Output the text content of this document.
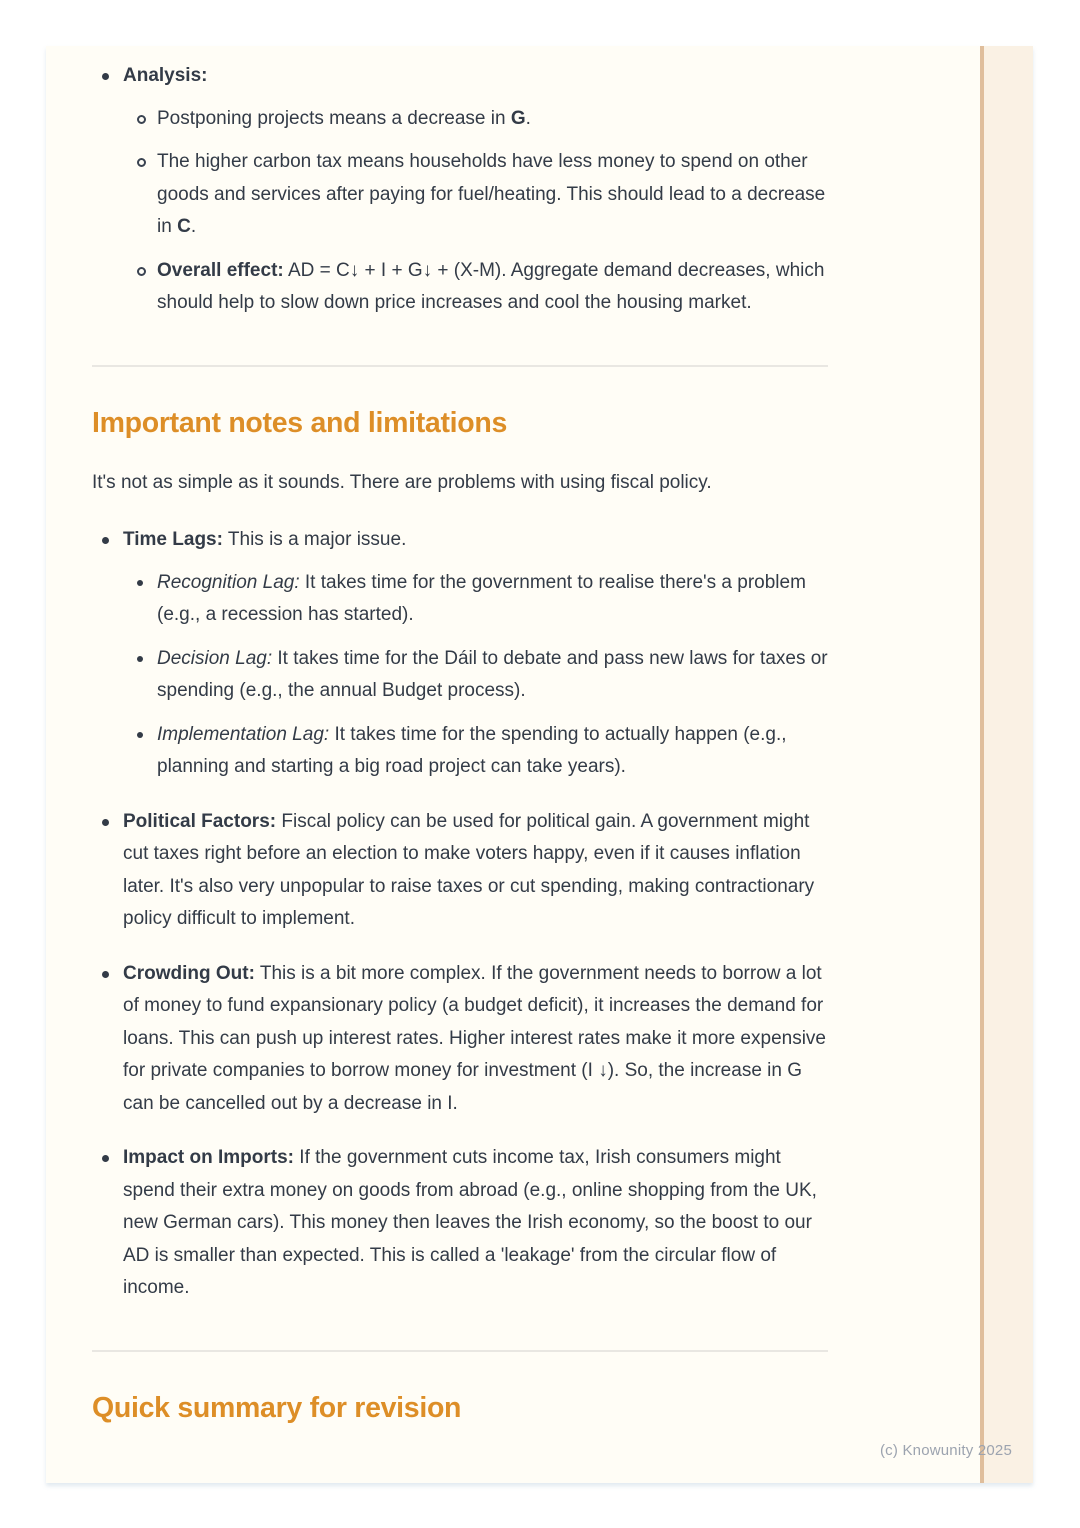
Analysis:
Postponing projects means a decrease in G.
The higher carbon tax means households have less money to spend on other goods and services after paying for fuel/heating. This should lead to a decrease in C.
Overall effect: AD = C↓ + I + G↓ + (X-M). Aggregate demand decreases, which should help to slow down price increases and cool the housing market.
Important notes and limitations

It's not as simple as it sounds. There are problems with using fiscal policy.

Time Lags: This is a major issue.
Recognition Lag: It takes time for the government to realise there's a problem (e.g., a recession has started).
Decision Lag: It takes time for the Dáil to debate and pass new laws for taxes or spending (e.g., the annual Budget process).
Implementation Lag: It takes time for the spending to actually happen (e.g., planning and starting a big road project can take years).
Political Factors: Fiscal policy can be used for political gain. A government might cut taxes right before an election to make voters happy, even if it causes inflation later. It's also very unpopular to raise taxes or cut spending, making contractionary policy difficult to implement.
Crowding Out: This is a bit more complex. If the government needs to borrow a lot of money to fund expansionary policy (a budget deficit), it increases the demand for loans. This can push up interest rates. Higher interest rates make it more expensive for private companies to borrow money for investment (I ↓). So, the increase in G can be cancelled out by a decrease in I.
Impact on Imports: If the government cuts income tax, Irish consumers might spend their extra money on goods from abroad (e.g., online shopping from the UK, new German cars). This money then leaves the Irish economy, so the boost to our AD is smaller than expected. This is called a 'leakage' from the circular flow of income.
Quick summary for revision
(c) Knowunity 2025
